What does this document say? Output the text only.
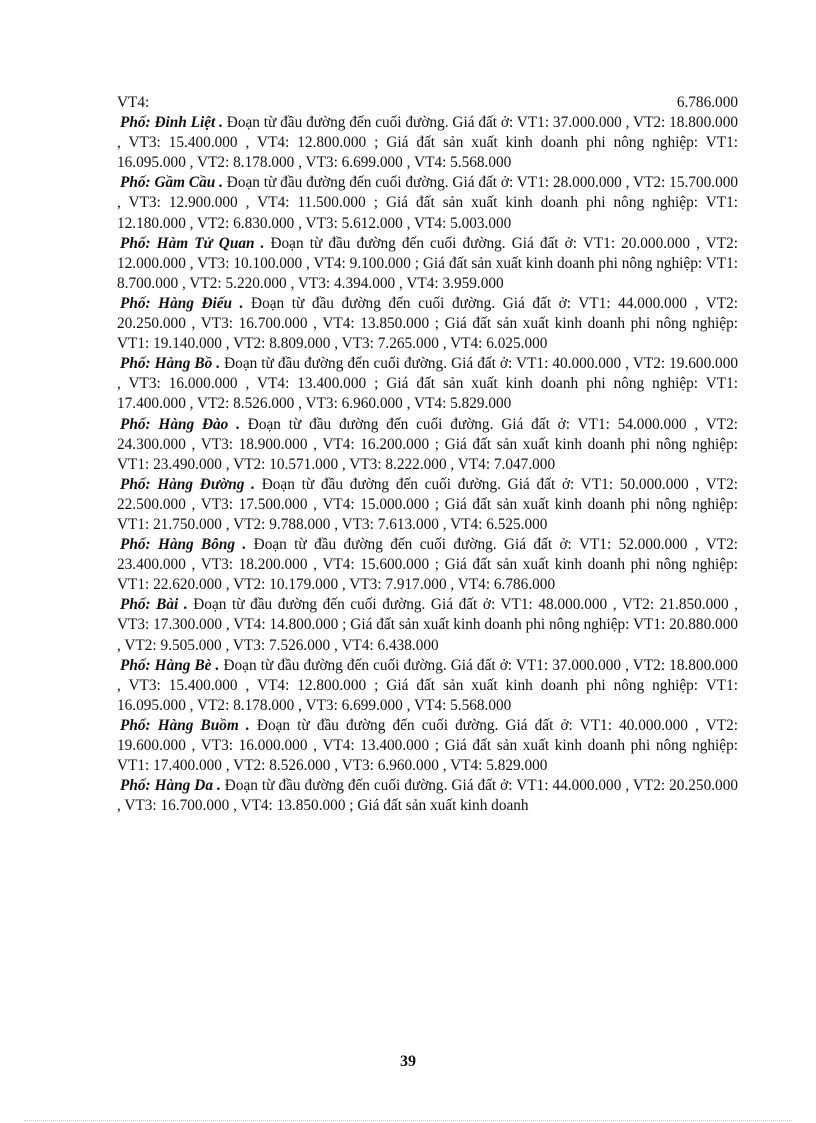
VT4:	6.786.000

Phố: Đinh Liệt . Đoạn từ đầu đường đến cuối đường. Giá đất ở: VT1: 37.000.000 , VT2: 18.800.000 , VT3: 15.400.000 , VT4: 12.800.000 ; Giá đất sản xuất kinh doanh phi nông nghiệp: VT1: 16.095.000 , VT2: 8.178.000 , VT3: 6.699.000 , VT4: 5.568.000

Phố: Gầm Cầu . Đoạn từ đầu đường đến cuối đường. Giá đất ở: VT1: 28.000.000 , VT2: 15.700.000 , VT3: 12.900.000 , VT4: 11.500.000 ; Giá đất sản xuất kinh doanh phi nông nghiệp: VT1: 12.180.000 , VT2: 6.830.000 , VT3: 5.612.000 , VT4: 5.003.000

Phố: Hàm Tử Quan . Đoạn từ đầu đường đến cuối đường. Giá đất ở: VT1: 20.000.000 , VT2: 12.000.000 , VT3: 10.100.000 , VT4: 9.100.000 ; Giá đất sản xuất kinh doanh phi nông nghiệp: VT1: 8.700.000 , VT2: 5.220.000 , VT3: 4.394.000 , VT4: 3.959.000

Phố: Hàng Điếu . Đoạn từ đầu đường đến cuối đường. Giá đất ở: VT1: 44.000.000 , VT2: 20.250.000 , VT3: 16.700.000 , VT4: 13.850.000 ; Giá đất sản xuất kinh doanh phi nông nghiệp: VT1: 19.140.000 , VT2: 8.809.000 , VT3: 7.265.000 , VT4: 6.025.000

Phố: Hàng Bồ . Đoạn từ đầu đường đến cuối đường. Giá đất ở: VT1: 40.000.000 , VT2: 19.600.000 , VT3: 16.000.000 , VT4: 13.400.000 ; Giá đất sản xuất kinh doanh phi nông nghiệp: VT1: 17.400.000 , VT2: 8.526.000 , VT3: 6.960.000 , VT4: 5.829.000

Phố: Hàng Đào . Đoạn từ đầu đường đến cuối đường. Giá đất ở: VT1: 54.000.000 , VT2: 24.300.000 , VT3: 18.900.000 , VT4: 16.200.000 ; Giá đất sản xuất kinh doanh phi nông nghiệp: VT1: 23.490.000 , VT2: 10.571.000 , VT3: 8.222.000 , VT4: 7.047.000

Phố: Hàng Đường . Đoạn từ đầu đường đến cuối đường. Giá đất ở: VT1: 50.000.000 , VT2: 22.500.000 , VT3: 17.500.000 , VT4: 15.000.000 ; Giá đất sản xuất kinh doanh phi nông nghiệp: VT1: 21.750.000 , VT2: 9.788.000 , VT3: 7.613.000 , VT4: 6.525.000

Phố: Hàng Bông . Đoạn từ đầu đường đến cuối đường. Giá đất ở: VT1: 52.000.000 , VT2: 23.400.000 , VT3: 18.200.000 , VT4: 15.600.000 ; Giá đất sản xuất kinh doanh phi nông nghiệp: VT1: 22.620.000 , VT2: 10.179.000 , VT3: 7.917.000 , VT4: 6.786.000

Phố: Bài . Đoạn từ đầu đường đến cuối đường. Giá đất ở: VT1: 48.000.000 , VT2: 21.850.000 , VT3: 17.300.000 , VT4: 14.800.000 ; Giá đất sản xuất kinh doanh phi nông nghiệp: VT1: 20.880.000 , VT2: 9.505.000 , VT3: 7.526.000 , VT4: 6.438.000

Phố: Hàng Bè . Đoạn từ đầu đường đến cuối đường. Giá đất ở: VT1: 37.000.000 , VT2: 18.800.000 , VT3: 15.400.000 , VT4: 12.800.000 ; Giá đất sản xuất kinh doanh phi nông nghiệp: VT1: 16.095.000 , VT2: 8.178.000 , VT3: 6.699.000 , VT4: 5.568.000

Phố: Hàng Buồm . Đoạn từ đầu đường đến cuối đường. Giá đất ở: VT1: 40.000.000 , VT2: 19.600.000 , VT3: 16.000.000 , VT4: 13.400.000 ; Giá đất sản xuất kinh doanh phi nông nghiệp: VT1: 17.400.000 , VT2: 8.526.000 , VT3: 6.960.000 , VT4: 5.829.000

Phố: Hàng Da . Đoạn từ đầu đường đến cuối đường. Giá đất ở: VT1: 44.000.000 , VT2: 20.250.000 , VT3: 16.700.000 , VT4: 13.850.000 ; Giá đất sản xuất kinh doanh

39
